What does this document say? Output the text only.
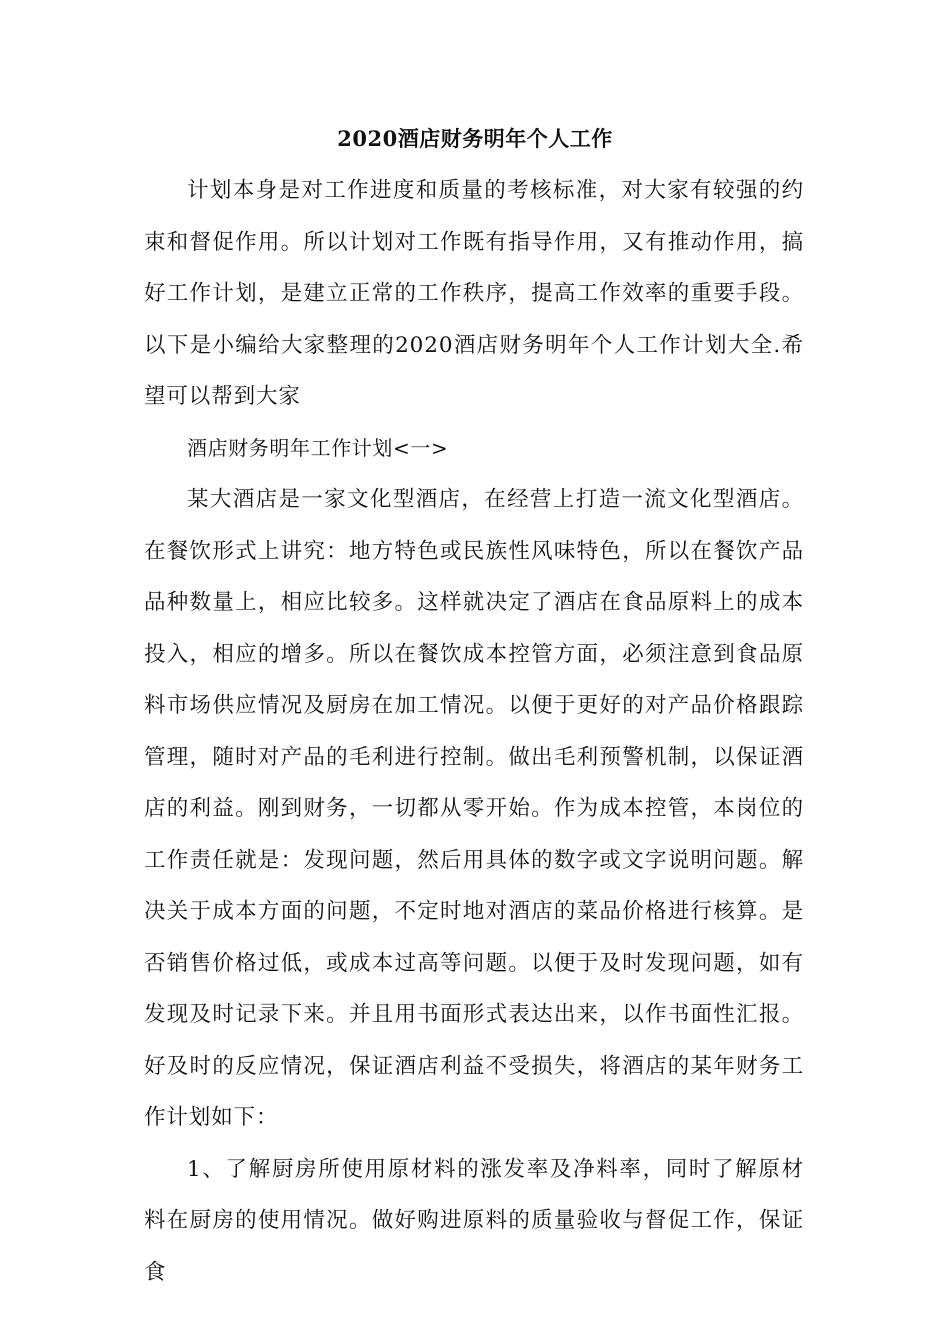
2020酒店财务明年个人工作

计划本身是对工作进度和质量的考核标准，对大家有较强的约束和督促作用。所以计划对工作既有指导作用，又有推动作用，搞好工作计划，是建立正常的工作秩序，提高工作效率的重要手段。以下是小编给大家整理的2020酒店财务明年个人工作计划大全.希望可以帮到大家

酒店财务明年工作计划<一>

某大酒店是一家文化型酒店，在经营上打造一流文化型酒店。在餐饮形式上讲究：地方特色或民族性风味特色，所以在餐饮产品品种数量上，相应比较多。这样就决定了酒店在食品原料上的成本投入，相应的增多。所以在餐饮成本控管方面，必须注意到食品原料市场供应情况及厨房在加工情况。以便于更好的对产品价格跟踪管理，随时对产品的毛利进行控制。做出毛利预警机制，以保证酒店的利益。刚到财务，一切都从零开始。作为成本控管，本岗位的工作责任就是：发现问题，然后用具体的数字或文字说明问题。解决关于成本方面的问题，不定时地对酒店的菜品价格进行核算。是否销售价格过低，或成本过高等问题。以便于及时发现问题，如有发现及时记录下来。并且用书面形式表达出来，以作书面性汇报。好及时的反应情况，保证酒店利益不受损失，将酒店的某年财务工作计划如下：

1、了解厨房所使用原材料的涨发率及净料率，同时了解原材料在厨房的使用情况。做好购进原料的质量验收与督促工作，保证食
